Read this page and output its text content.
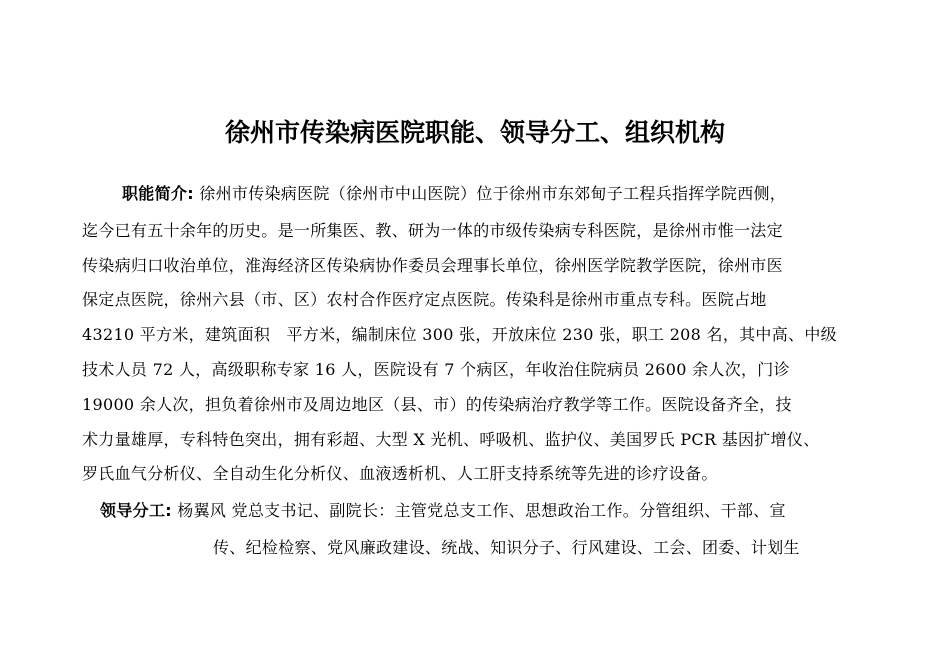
徐州市传染病医院职能、领导分工、组织机构
职能简介: 徐州市传染病医院（徐州市中山医院）位于徐州市东郊甸子工程兵指挥学院西侧，
迄今已有五十余年的历史。是一所集医、教、研为一体的市级传染病专科医院，是徐州市惟一法定
传染病归口收治单位，淮海经济区传染病协作委员会理事长单位，徐州医学院教学医院，徐州市医
保定点医院，徐州六县（市、区）农村合作医疗定点医院。传染科是徐州市重点专科。医院占地
43210 平方米，建筑面积　平方米，编制床位 300 张，开放床位 230 张，职工 208 名，其中高、中级
技术人员 72 人，高级职称专家 16 人，医院设有 7 个病区，年收治住院病员 2600 余人次，门诊
19000 余人次，担负着徐州市及周边地区（县、市）的传染病治疗教学等工作。医院设备齐全，技
术力量雄厚，专科特色突出，拥有彩超、大型 X 光机、呼吸机、监护仪、美国罗氏 PCR 基因扩增仪、
罗氏血气分析仪、全自动生化分析仪、血液透析机、人工肝支持系统等先进的诊疗设备。
领导分工: 杨翼风 党总支书记、副院长：主管党总支工作、思想政治工作。分管组织、干部、宣
传、纪检检察、党风廉政建设、统战、知识分子、行风建设、工会、团委、计划生
